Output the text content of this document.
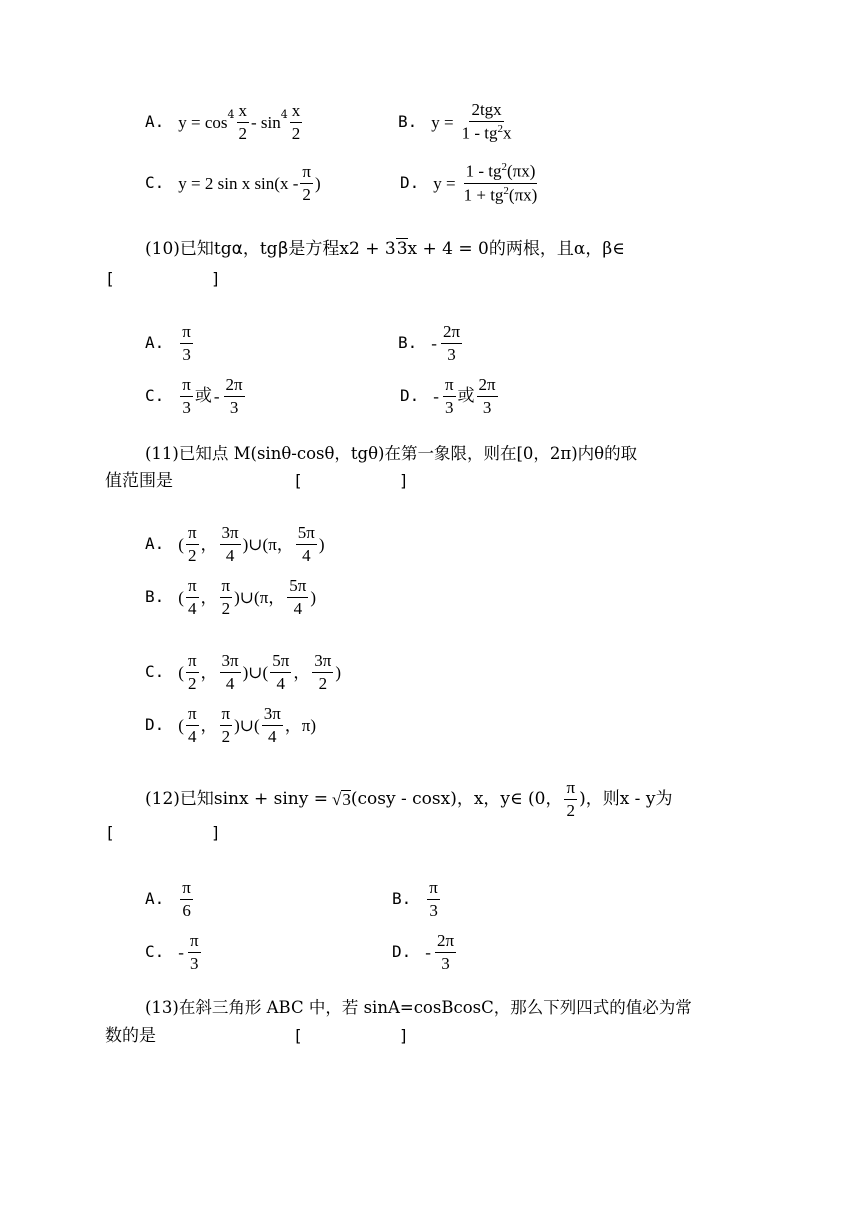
A. $y = \cos^4 \frac{x}{2} - \sin^4 \frac{x}{2}$	B. $y = \frac{\text{2tgx}}{1 - tg^2x}$
C. y = 2 sin x $\sin(x - \frac{\pi}{2}$ )	D. $y = \frac{1 - tg^2(\pi x)}{1 + tg^2(\pi x)}$
(10)已知tgα，tgβ是方程x2 + 33x + 4 = 0的两根，且α，β∈
[          ]
A. $\frac{\pi}{3}$	B. - $\frac{2\pi}{3}$
C. $\frac{\pi}{3}$ 或 - $\frac{2\pi}{3}$	D. - $\frac{\pi}{3}$ 或 $\frac{2\pi}{3}$
(11)已知点 M(sinθ-cosθ，tgθ)在第一象限，则在[0，2π)内θ的取
值范围是	[          ]
A. ( $\frac{\pi}{2}$ ， $\frac{3\pi}{4}$ ) ∪(π， $\frac{5\pi}{4}$ )
B. ( $\frac{\pi}{4}$ ， $\frac{\pi}{2}$ ) ∪(π， $\frac{5\pi}{4}$ )
C. ( $\frac{\pi}{2}$ ， $\frac{3\pi}{4}$ ) ∪( $\frac{5\pi}{4}$ ， $\frac{3\pi}{2}$ )
D. ( $\frac{\pi}{4}$ ， $\frac{\pi}{2}$ ) ∪( $\frac{3\pi}{4}$ ，π)
(12)已知sinx + siny = √ 3 (cosy - cosx)，x，y∈ (0， $\frac{\pi}{2}$ )，则x - y为
[          ]
A. $\frac{\pi}{6}$	B. $\frac{\pi}{3}$
C. - $\frac{\pi}{3}$	D. - $\frac{2\pi}{3}$
(13)在斜三角形 ABC 中，若 sinA=cosBcosC，那么下列四式的值必为常
数的是	[          ]
